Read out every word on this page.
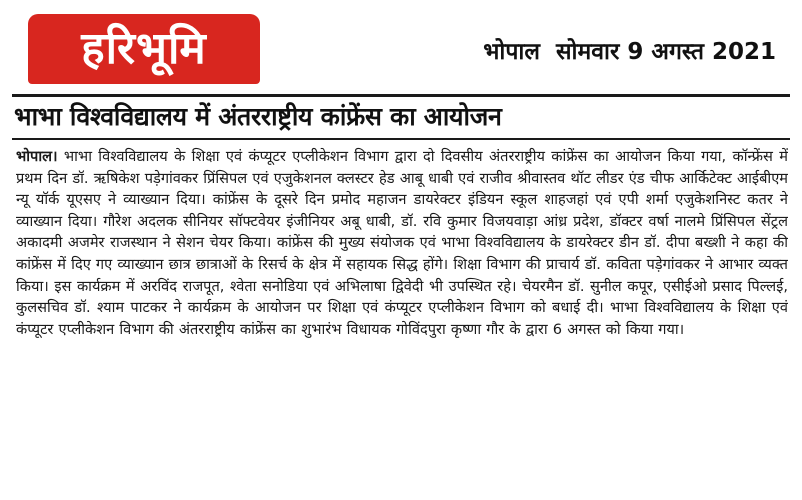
हरिभूमि	भोपाल सोमवार 9 अगस्त 2021
भाभा विश्वविद्यालय में अंतरराष्ट्रीय कांफ्रेंस का आयोजन
भोपाल। भाभा विश्वविद्यालय के शिक्षा एवं कंप्यूटर एप्लीकेशन विभाग द्वारा दो दिवसीय अंतरराष्ट्रीय कांफ्रेंस का आयोजन किया गया, कॉन्फ्रेंस में प्रथम दिन डॉ. ऋषिकेश पड़ेगांवकर प्रिंसिपल एवं एजुकेशनल क्लस्टर हेड आबू धाबी एवं राजीव श्रीवास्तव थॉट लीडर एंड चीफ आर्किटेक्ट आईबीएम न्यू यॉर्क यूएसए ने व्याख्यान दिया। कांफ्रेंस के दूसरे दिन प्रमोद महाजन डायरेक्टर इंडियन स्कूल शाहजहां एवं एपी शर्मा एजुकेशनिस्ट कतर ने व्याख्यान दिया। गौरेश अदलक सीनियर सॉफ्टवेयर इंजीनियर अबू धाबी, डॉ. रवि कुमार विजयवाड़ा आंध्र प्रदेश, डॉक्टर वर्षा नालमे प्रिंसिपल सेंट्रल अकादमी अजमेर राजस्थान ने सेशन चेयर किया। कांफ्रेंस की मुख्य संयोजक एवं भाभा विश्वविद्यालय के डायरेक्टर डीन डॉ. दीपा बख्शी ने कहा की कांफ्रेंस में दिए गए व्याख्यान छात्र छात्राओं के रिसर्च के क्षेत्र में सहायक सिद्ध होंगे। शिक्षा विभाग की प्राचार्य डॉ. कविता पड़ेगांवकर ने आभार व्यक्त किया। इस कार्यक्रम में अरविंद राजपूत, श्वेता सनोडिया एवं अभिलाषा द्विवेदी भी उपस्थित रहे। चेयरमैन डॉ. सुनील कपूर, एसीईओ प्रसाद पिल्लई, कुलसचिव डॉ. श्याम पाटकर ने कार्यक्रम के आयोजन पर शिक्षा एवं कंप्यूटर एप्लीकेशन विभाग को बधाई दी। भाभा विश्वविद्यालय के शिक्षा एवं कंप्यूटर एप्लीकेशन विभाग की अंतरराष्ट्रीय कांफ्रेंस का शुभारंभ विधायक गोविंदपुरा कृष्णा गौर के द्वारा 6 अगस्त को किया गया।
